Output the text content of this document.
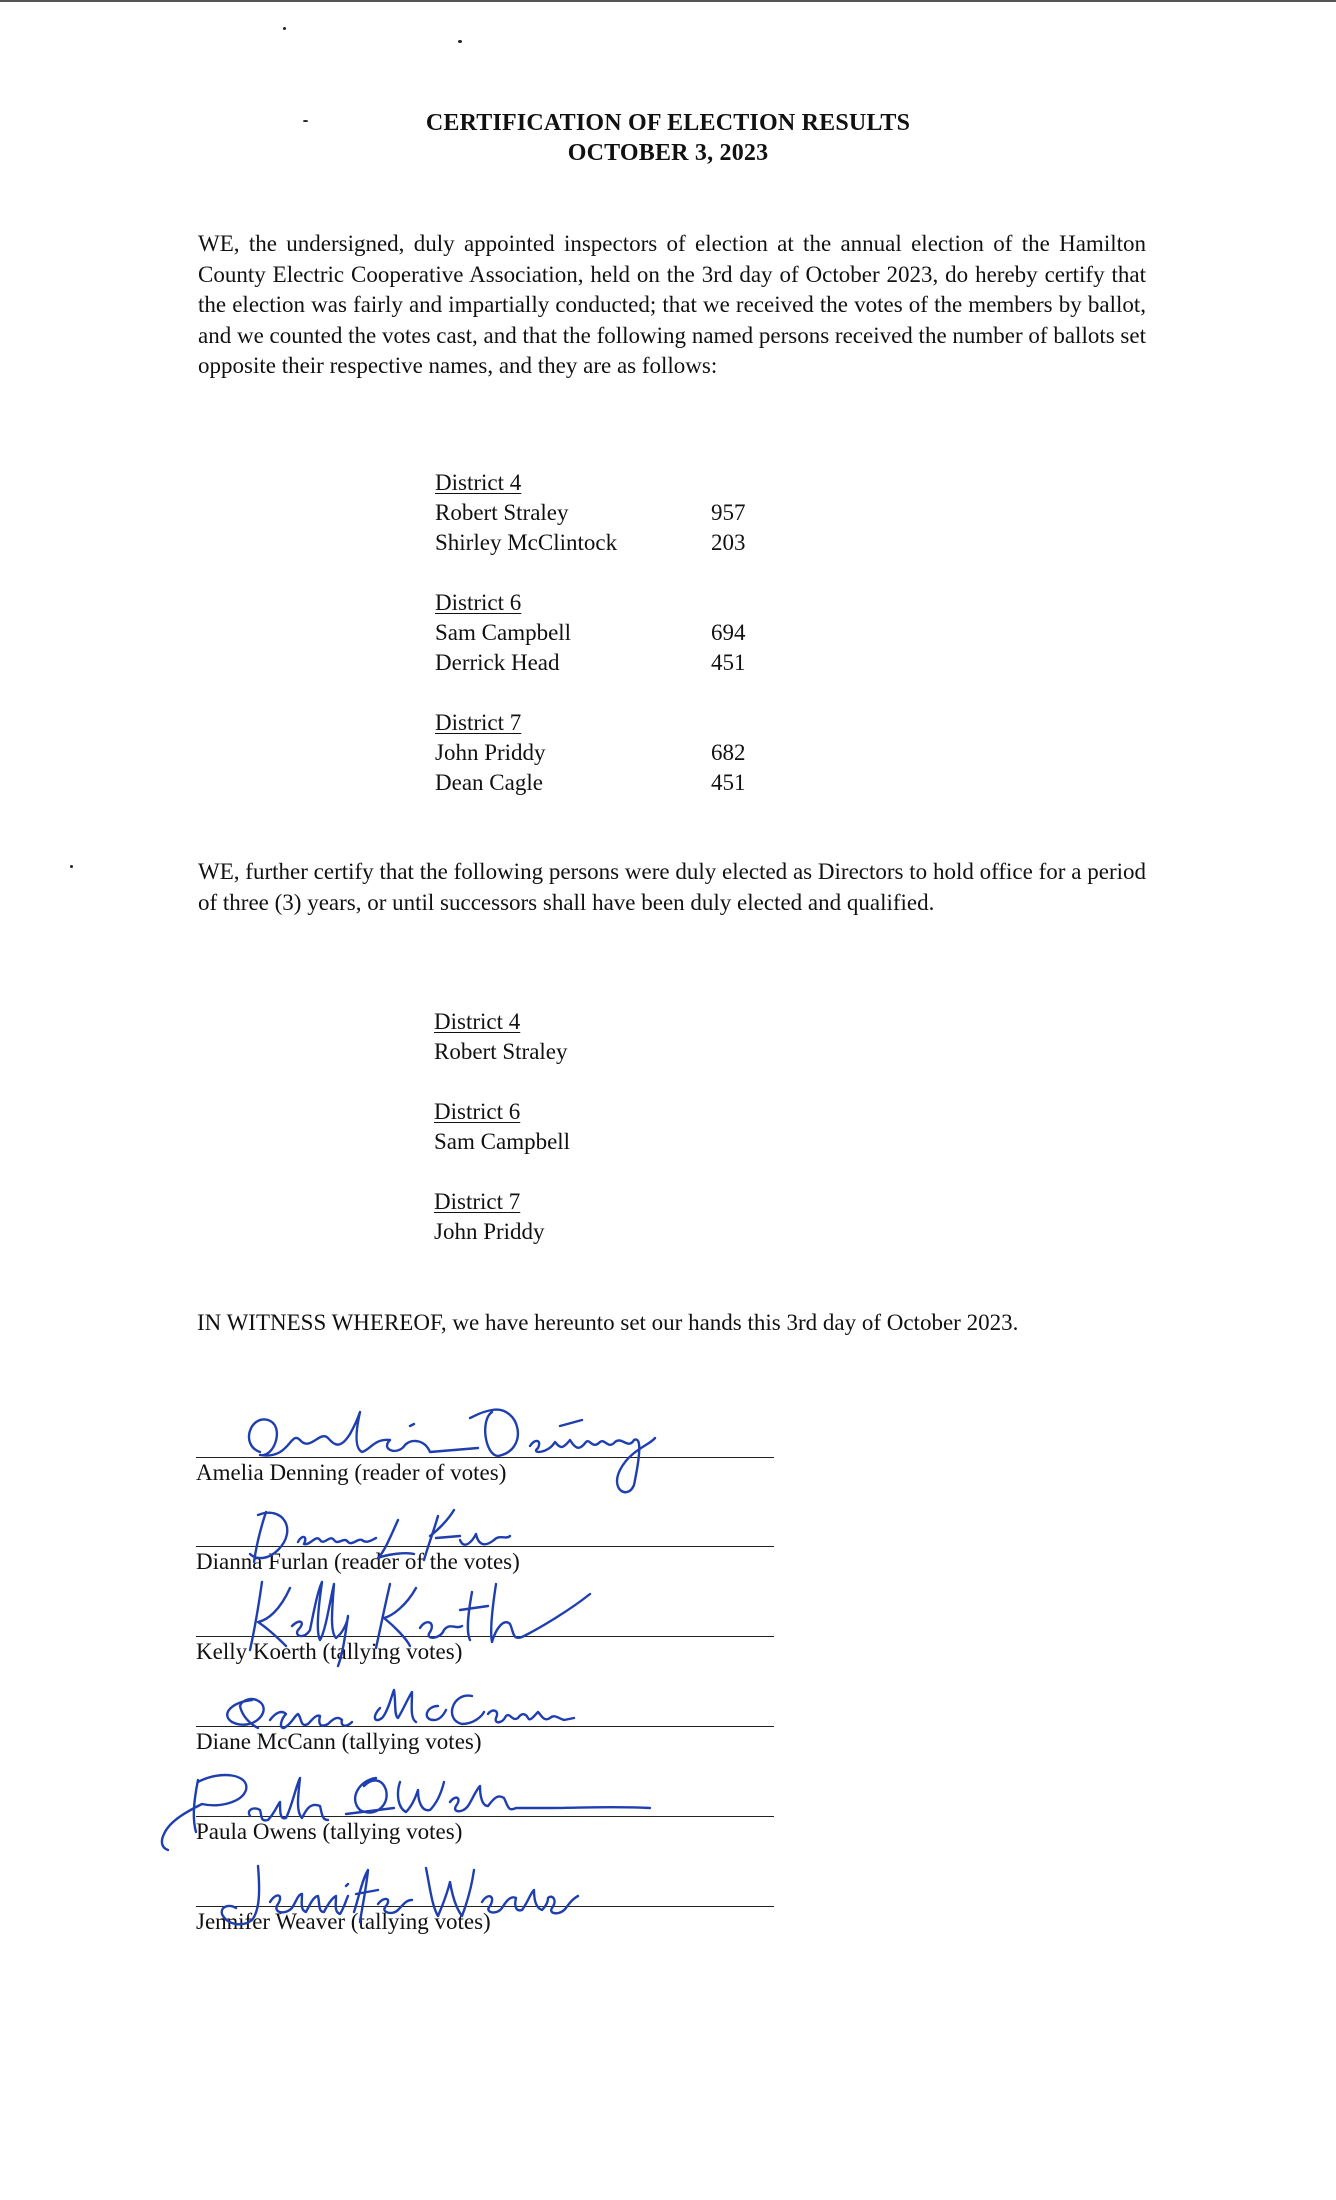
CERTIFICATION OF ELECTION RESULTS
OCTOBER 3, 2023
WE, the undersigned, duly appointed inspectors of election at the annual election of the Hamilton County Electric Cooperative Association, held on the 3rd day of October 2023, do hereby certify that the election was fairly and impartially conducted; that we received the votes of the members by ballot, and we counted the votes cast, and that the following named persons received the number of ballots set opposite their respective names, and they are as follows:
District 4
Robert Straley	957
Shirley McClintock	203
District 6
Sam Campbell	694
Derrick Head	451
District 7
John Priddy	682
Dean Cagle	451
WE, further certify that the following persons were duly elected as Directors to hold office for a period of three (3) years, or until successors shall have been duly elected and qualified.
District 4
Robert Straley
District 6
Sam Campbell
District 7
John Priddy
IN WITNESS WHEREOF, we have hereunto set our hands this 3rd day of October 2023.
Amelia Denning (reader of votes)
Dianna Furlan (reader of the votes)
Kelly Koerth (tallying votes)
Diane McCann (tallying votes)
Paula Owens (tallying votes)
Jennifer Weaver (tallying votes)
